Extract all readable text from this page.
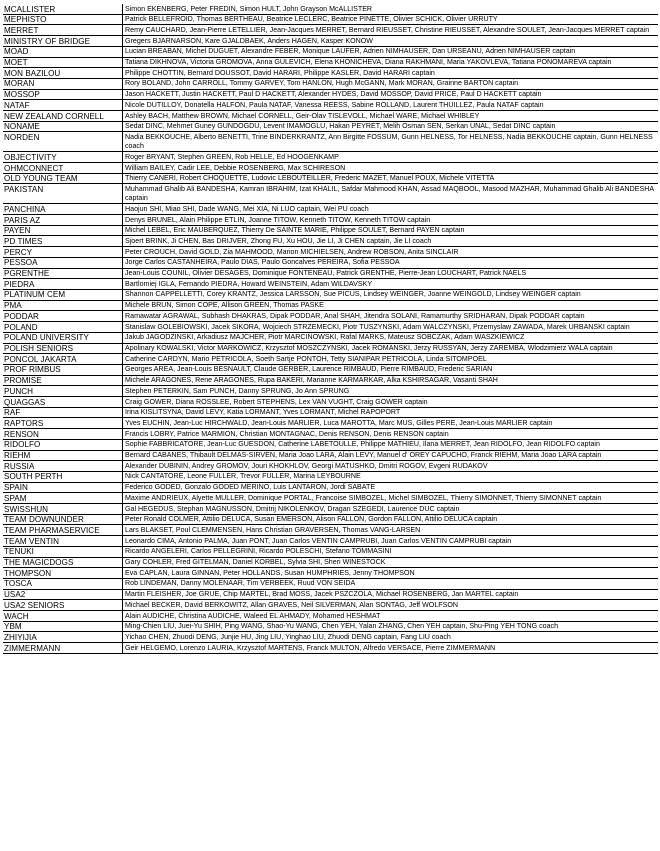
MCALLISTER	Simon EKENBERG, Peter FREDIN, Simon HULT, John Grayson McALLISTER
MEPHISTO	Patrick BELLEFROID, Thomas BERTHEAU, Beatrice LECLERC, Beatrice PINETTE, Olivier SCHICK, Olivier URRUTY
MERRET	Remy CAUCHARD, Jean-Pierre LETELLIER, Jean-Jacques MERRET, Bernard RIEUSSET, Christine RIEUSSET, Alexandre SOULET, Jean-Jacques MERRET captain
MINISTRY OF BRIDGE	Gregers BJARNARSON, Kare GJALDBAEK, Anders HAGEN, Kasper KONOW
MOAD	Lucian BREABAN, Michel DUGUET, Alexandre FEBER, Monique LAUFER, Adrien NIMHAUSER, Dan URSEANU, Adrien NIMHAUSER captain
MOET	Tatiana DIKHNOVA, Victoria GROMOVA, Anna GULEVICH, Elena KHONICHEVA, Diana RAKHMANI, Maria YAKOVLEVA, Tatiana PONOMAREVA captain
MON BAZILOU	Philippe CHOTTIN, Bernard DOUSSOT, David HARARI, Philippe KASLER, David HARARI captain
MORAN	Rory BOLAND, John CARROLL, Tommy GARVEY, Tom HANLON, Hugh McGANN, Mark MORAN, Grainne BARTON captain
MOSSOP	Jason HACKETT, Justin HACKETT, Paul D HACKETT, Alexander HYDES, David MOSSOP, David PRICE, Paul D HACKETT captain
NATAF	Nicole DUTILLOY, Donatella HALFON, Paula NATAF, Vanessa REESS, Sabine ROLLAND, Laurent THUILLEZ, Paula NATAF captain
NEW ZEALAND CORNELL	Ashley BACH, Matthew BROWN, Michael CORNELL, Geir-Olav TISLEVOLL, Michael WARE, Michael WHIBLEY
NONAME	Sedat DINC, Mehmet Guney GUNDOGDU, Levent IMAMOGLU, Hakan PEYRET, Melih Osman SEN, Serkan UNAL, Sedat DINC captain
NORDEN	Nadia BEKKOUCHE, Alberto BENETTI, Trine BINDERKRANTZ, Ann Birgitte FOSSUM, Gunn HELNESS, Tor HELNESS, Nadia BEKKOUCHE captain, Gunn HELNESS coach
OBJECTIVITY	Roger BRYANT, Stephen GREEN, Rob HELLE, Ed HOOGENKAMP
OHMCONNECT	William BAILEY, Cadir LEE, Debbie ROSENBERG, Max SCHIRESON
OLD YOUNG TEAM	Thierry CANERI, Robert CHOQUETTE, Ludovic LEBOUTEILLER, Frederic MAZET, Manuel POUX, Michele VITETTA
PAKISTAN	Muhammad Ghalib Ali BANDESHA, Kamran IBRAHIM, Izat KHALIL, Safdar Mahmood KHAN, Assad MAQBOOL, Masood MAZHAR, Muhammad Ghalib Ali BANDESHA captain
PANCHINA	Haojun SHI, Miao SHI, Dade WANG, Mei XIA, Ni LUO captain, Wei PU coach
PARIS AZ	Denys BRUNEL, Alain Philippe ETLIN, Joanne TITOW, Kenneth TITOW, Kenneth TITOW captain
PAYEN	Michel LEBEL, Eric MAUBERQUEZ, Thierry De SAINTE MARIE, Philippe SOULET, Bernard PAYEN captain
PD TIMES	Sjoert BRINK, Ji CHEN, Bas DRIJVER, Zhong FU, Xu HOU, Jie LI, Ji CHEN captain, Jie LI coach
PERCY	Peter CROUCH, David GOLD, Zia MAHMOOD, Marion MICHIELSEN, Andrew ROBSON, Anita SINCLAIR
PESSOA	Jorge Carlos CASTANHEIRA, Paulo DIAS, Paulo Goncalves PEREIRA, Sofia PESSOA
PGRENTHE	Jean-Louis COUNIL, Olivier DESAGES, Dominique FONTENEAU, Patrick GRENTHE, Pierre-Jean LOUCHART, Patrick NAELS
PIEDRA	Bartlomiej IGLA, Fernando PIEDRA, Howard WEINSTEIN, Adam WILDAVSKY
PLATINUM CEM	Shannon CAPPELLETTI, Corey KRANTZ, Jessica LARSSON, Sue PICUS, Lindsey WEINGER, Joanne WEINGOLD, Lindsey WEINGER captain
PMA	Michele BRUN, Simon COPE, Allison GREEN, Thomas PASKE
PODDAR	Ramawatar AGRAWAL, Subhash DHAKRAS, Dipak PODDAR, Anal SHAH, Jitendra SOLANI, Ramamurthy SRIDHARAN, Dipak PODDAR captain
POLAND	Stanislaw GOLEBIOWSKI, Jacek SIKORA, Wojciech STRZEMECKI, Piotr TUSZYNSKI, Adam WALCZYNSKI, Przemyslaw ZAWADA, Marek URBANSKI captain
POLAND UNIVERSITY	Jakub JAGODZINSKI, Arkadiusz MAJCHER, Piotr MARCINOWSKI, Rafal MARKS, Mateusz SOBCZAK, Adam WASZKIEWICZ
POLISH SENIORS	Apolinary KOWALSKI, Victor MARKOWICZ, Krzysztof MOSZCZYNSKI, Jacek ROMANSKI, Jerzy RUSSYAN, Jerzy ZAREMBA, Wlodzimierz WALA captain
PONCOL JAKARTA	Catherine CARDYN, Mario PETRICOLA, Soeth Sartje PONTOH, Tetty SIANIPAR PETRICOLA, Linda SITOMPOEL
PROF RIMBUS	Georges AREA, Jean-Louis BESNAULT, Claude GERBER, Laurence RIMBAUD, Pierre RIMBAUD, Frederic SARIAN
PROMISE	Michele ARAGONES, Rene ARAGONES, Rupa BAKERI, Marianne KARMARKAR, Alka KSHIRSAGAR, Vasanti SHAH
PUNCH	Stephen PETERKIN, Sam PUNCH, Danny SPRUNG, Jo Ann SPRUNG
QUAGGAS	Craig GOWER, Diana ROSSLEE, Robert STEPHENS, Lex VAN VUGHT, Craig GOWER captain
RAF	Irina KISLITSYNA, David LEVY, Katia LORMANT, Yves LORMANT, Michel RAPOPORT
RAPTORS	Yves EUCHIN, Jean-Luc HIRCHWALD, Jean-Louis MARLIER, Luca MAROTTA, Marc MUS, Gilles PERE, Jean-Louis MARLIER captain
RENSON	Francis LOBRY, Patrice MARMION, Christian MONTAGNAC, Denis RENSON, Denis RENSON captain
RIDOLFO	Sophie FABBRICATORE, Jean-Luc GUESDON, Catherine LABETOULLE, Philippe MATHIEU, Ilana MERRET, Jean RIDOLFO, Jean RIDOLFO captain
RIEHM	Bernard CABANES, Thibault DELMAS-SIRVEN, Maria Joao LARA, Alain LEVY, Manuel d' OREY CAPUCHO, Franck RIEHM, Maria Joao LARA captain
RUSSIA	Alexander DUBININ, Andrey GROMOV, Jouri KHOKHLOV, Georgi MATUSHKO, Dmitri ROGOV, Evgeni RUDAKOV
SOUTH PERTH	Nick CANTATORE, Leone FULLER, Trevor FULLER, Marina LEYBOURNE
SPAIN	Federico GODED, Gonzalo GODED MERINO, Luis LANTARON, Jordi SABATE
SPAM	Maxime ANDRIEUX, Alyette MULLER, Dominique PORTAL, Francoise SIMBOZEL, Michel SIMBOZEL, Thierry SIMONNET, Thierry SIMONNET captain
SWISSHUN	Gal HEGEDUS, Stephan MAGNUSSON, Dmitrij NIKOLENKOV, Dragan SZEGEDI, Laurence DUC captain
TEAM DOWNUNDER	Peter Ronald COLMER, Attilio DELUCA, Susan EMERSON, Alison FALLON, Gordon FALLON, Attilio DELUCA captain
TEAM PHARMASERVICE	Lars BLAKSET, Poul CLEMMENSEN, Hans Christian GRAVERSEN, Thomas VANG-LARSEN
TEAM VENTIN	Leonardo CIMA, Antonio PALMA, Juan PONT, Juan Carlos VENTIN CAMPRUBI, Juan Carlos VENTIN CAMPRUBI captain
TENUKI	Ricardo ANGELERI, Carlos PELLEGRINI, Ricardo POLESCHI, Stefano TOMMASINI
THE MAGICDOGS	Gary COHLER, Fred GITELMAN, Daniel KORBEL, Sylvia SHI, Sheri WINESTOCK
THOMPSON	Eva CAPLAN, Laura GINNAN, Peter HOLLANDS, Susan HUMPHRIES, Jenny THOMPSON
TOSCA	Rob LINDEMAN, Danny MOLENAAR, Tim VERBEEK, Ruud VON SEIDA
USA2	Martin FLEISHER, Joe GRUE, Chip MARTEL, Brad MOSS, Jacek PSZCZOLA, Michael ROSENBERG, Jan MARTEL captain
USA2 SENIORS	Michael BECKER, David BERKOWITZ, Allan GRAVES, Neil SILVERMAN, Alan SONTAG, Jeff WOLFSON
WACH	Alain AUDICHE, Christina AUDICHE, Waleed EL AHMADY, Mohamed HESHMAT
YBM	Ming-Chien LIU, Juei-Yu SHIH, Ping WANG, Shao-Yu WANG, Chen YEH, Yalan ZHANG, Chen YEH captain, Shu-Ping YEH TONG coach
ZHIYIJIA	Yichao CHEN, Zhuodi DENG, Junjie HU, Jing LIU, Yinghao LIU, Zhuodi DENG captain, Fang LIU coach
ZIMMERMANN	Geir HELGEMO, Lorenzo LAURIA, Krzysztof MARTENS, Franck MULTON, Alfredo VERSACE, Pierre ZIMMERMANN
